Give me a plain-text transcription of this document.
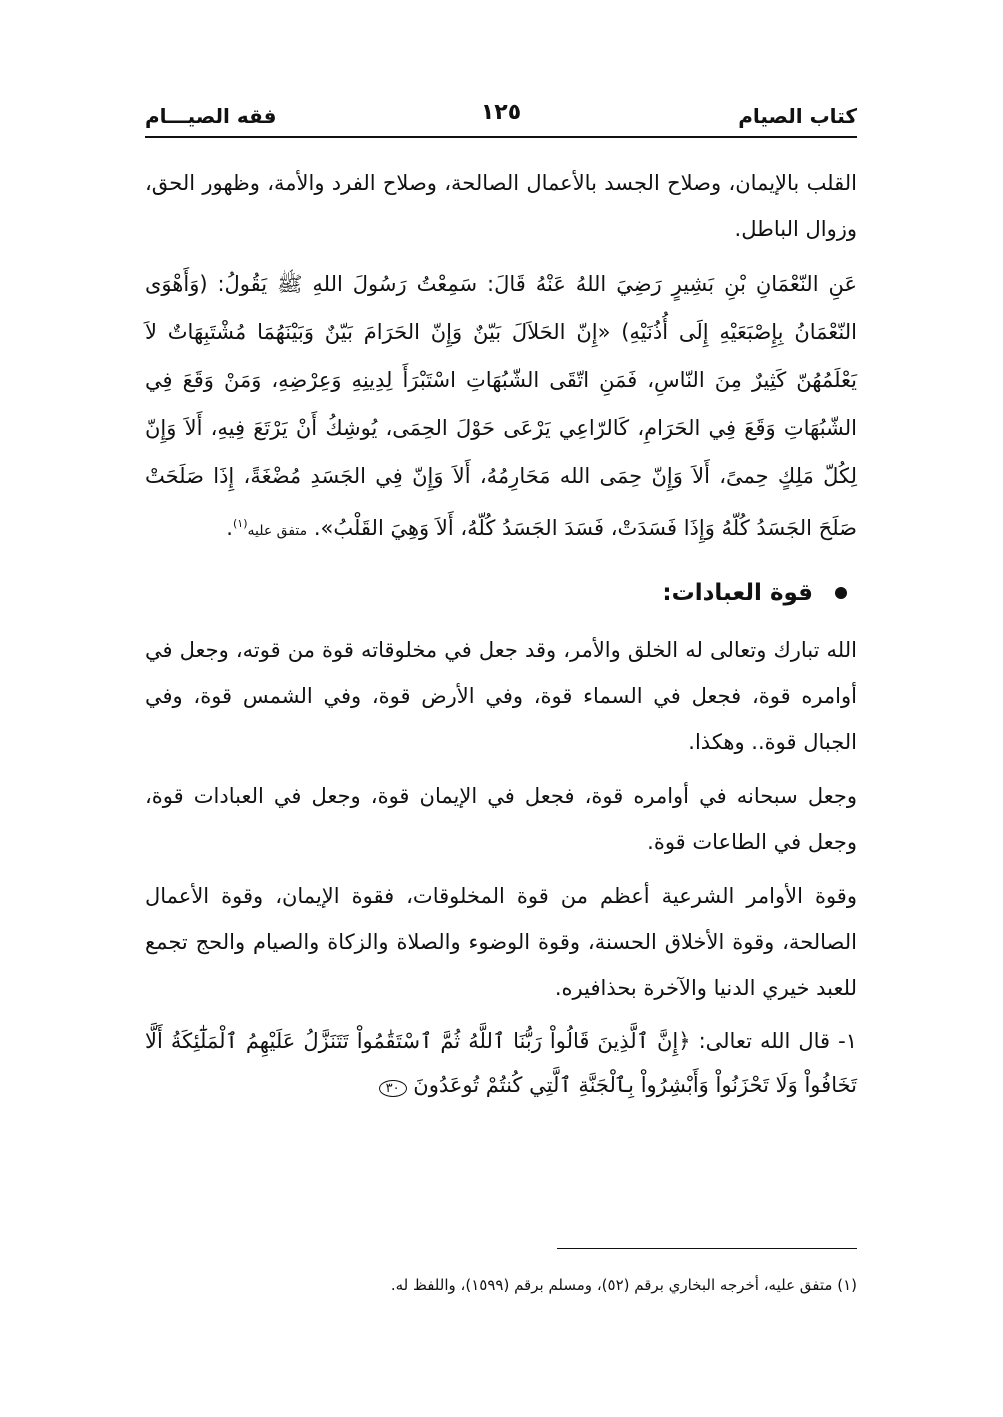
كتاب الصيام
١٢٥
فقه الصيـــام

القلب بالإيمان، وصلاح الجسد بالأعمال الصالحة، وصلاح الفرد والأمة، وظهور الحق، وزوال الباطل.

عَنِ النّعْمَانِ بْنِ بَشِيرٍ رَضِيَ اللهُ عَنْهُ قَالَ: سَمِعْتُ رَسُولَ اللهِ ﷺ يَقُولُ: (وَأَهْوَى النّعْمَانُ بِإِصْبَعَيْهِ إِلَى أُذُنَيْهِ) «إِنّ الحَلاَلَ بَيّنٌ وَإِنّ الحَرَامَ بَيّنٌ وَبَيْنَهُمَا مُشْتَبِهَاتٌ لاَ يَعْلَمُهُنّ كَثِيرٌ مِنَ النّاسِ، فَمَنِ اتّقَى الشّبُهَاتِ اسْتَبْرَأَ لِدِينِهِ وَعِرْضِهِ، وَمَنْ وَقَعَ فِي الشّبُهَاتِ وَقَعَ فِي الحَرَامِ، كَالرّاعِي يَرْعَى حَوْلَ الحِمَى، يُوشِكُ أَنْ يَرْتَعَ فِيهِ، أَلاَ وَإِنّ لِكُلّ مَلِكٍ حِمىً، أَلاَ وَإِنّ حِمَى الله مَحَارِمُهُ، أَلاَ وَإِنّ فِي الجَسَدِ مُضْغَةً، إِذَا صَلَحَتْ صَلَحَ الجَسَدُ كُلّهُ وَإِذَا فَسَدَتْ، فَسَدَ الجَسَدُ كُلّهُ، أَلاَ وَهِيَ القَلْبُ». متفق عليه$^{(١)}$.

قوة العبادات:

الله تبارك وتعالى له الخلق والأمر، وقد جعل في مخلوقاته قوة من قوته، وجعل في أوامره قوة، فجعل في السماء قوة، وفي الأرض قوة، وفي الشمس قوة، وفي الجبال قوة.. وهكذا.

وجعل سبحانه في أوامره قوة، فجعل في الإيمان قوة، وجعل في العبادات قوة، وجعل في الطاعات قوة.

وقوة الأوامر الشرعية أعظم من قوة المخلوقات، فقوة الإيمان، وقوة الأعمال الصالحة، وقوة الأخلاق الحسنة، وقوة الوضوء والصلاة والزكاة والصيام والحج تجمع للعبد خيري الدنيا والآخرة بحذافيره.

١- قال الله تعالى: ﴿إِنَّ ٱلَّذِينَ قَالُواْ رَبُّنَا ٱللَّهُ ثُمَّ ٱسْتَقَٰمُواْ تَتَنَزَّلُ عَلَيْهِمُ ٱلْمَلَٰٓئِكَةُ أَلَّا تَخَافُواْ وَلَا تَحْزَنُواْ وَأَبْشِرُواْ بِٱلْجَنَّةِ ٱلَّتِي كُنتُمْ تُوعَدُونَ ٣٠

(١) متفق عليه، أخرجه البخاري برقم (٥٢)، ومسلم برقم (١٥٩٩)، واللفظ له.
